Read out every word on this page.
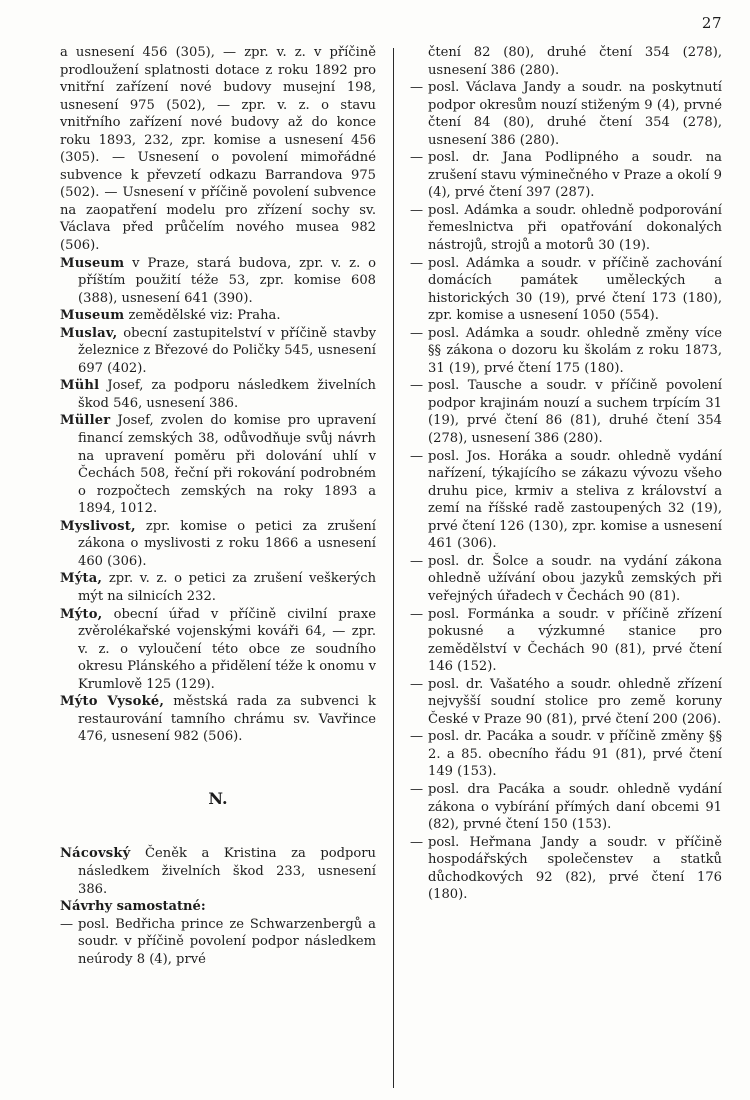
27

a usnesení 456 (305), — zpr. v. z. v příčině prodloužení splatnosti dotace z roku 1892 pro vnitřní zařízení nové budovy musejní 198, usnesení 975 (502), — zpr. v. z. o stavu vnitřního zařízení nové budovy až do konce roku 1893, 232, zpr. komise a usnesení 456 (305). — Usnesení o povolení mimořádné subvence k převzetí odkazu Barrandova 975 (502). — Usnesení v příčině povolení subvence na zaopatření modelu pro zřízení sochy sv. Václava před průčelím nového musea 982 (506).

Museum v Praze, stará budova, zpr. v. z. o příštím použití téže 53, zpr. komise 608 (388), usnesení 641 (390).

Museum zemědělské viz: Praha.

Muslav, obecní zastupitelství v příčině stavby železnice z Březové do Poličky 545, usnesení 697 (402).

Mühl Josef, za podporu následkem živelních škod 546, usnesení 386.

Müller Josef, zvolen do komise pro upravení financí zemských 38, odůvodňuje svůj návrh na upravení poměru při dolování uhlí v Čechách 508, řeční při rokování podrobném o rozpočtech zemských na roky 1893 a 1894, 1012.

Myslivost, zpr. komise o petici za zrušení zákona o myslivosti z roku 1866 a usnesení 460 (306).

Mýta, zpr. v. z. o petici za zrušení veškerých mýt na silnicích 232.

Mýto, obecní úřad v příčině civilní praxe zvěrolékařské vojenskými kováři 64, — zpr. v. z. o vyloučení této obce ze soudního okresu Plánského a přidělení téže k onomu v Krumlově 125 (129).

Mýto Vysoké, městská rada za subvenci k restaurování tamního chrámu sv. Vavřince 476, usnesení 982 (506).

N.

Nácovský Čeněk a Kristina za podporu následkem živelních škod 233, usnesení 386.

Návrhy samostatné:

— posl. Bedřicha prince ze Schwarzenbergů a soudr. v příčině povolení podpor následkem neúrody 8 (4), prvé

čtení 82 (80), druhé čtení 354 (278), usnesení 386 (280).

— posl. Václava Jandy a soudr. na poskytnutí podpor okresům nouzí stiženým 9 (4), prvné čtení 84 (80), druhé čtení 354 (278), usnesení 386 (280).

— posl. dr. Jana Podlipného a soudr. na zrušení stavu výminečného v Praze a okolí 9 (4), prvé čtení 397 (287).

— posl. Adámka a soudr. ohledně podporování řemeslnictva při opatřování dokonalých nástrojů, strojů a motorů 30 (19).

— posl. Adámka a soudr. v příčině zachování domácích památek uměleckých a historických 30 (19), prvé čtení 173 (180), zpr. komise a usnesení 1050 (554).

— posl. Adámka a soudr. ohledně změny více §§ zákona o dozoru ku školám z roku 1873, 31 (19), prvé čtení 175 (180).

— posl. Tausche a soudr. v příčině povolení podpor krajinám nouzí a suchem trpícím 31 (19), prvé čtení 86 (81), druhé čtení 354 (278), usnesení 386 (280).

— posl. Jos. Horáka a soudr. ohledně vydání nařízení, týkajícího se zákazu vývozu všeho druhu pice, krmiv a steliva z království a zemí na říšské radě zastoupených 32 (19), prvé čtení 126 (130), zpr. komise a usnesení 461 (306).

— posl. dr. Šolce a soudr. na vydání zákona ohledně užívání obou jazyků zemských při veřejných úřadech v Čechách 90 (81).

— posl. Formánka a soudr. v příčině zřízení pokusné a výzkumné stanice pro zemědělství v Čechách 90 (81), prvé čtení 146 (152).

— posl. dr. Vašatého a soudr. ohledně zřízení nejvyšší soudní stolice pro země koruny České v Praze 90 (81), prvé čtení 200 (206).

— posl. dr. Pacáka a soudr. v příčině změny §§ 2. a 85. obecního řádu 91 (81), prvé čtení 149 (153).

— posl. dra Pacáka a soudr. ohledně vydání zákona o vybírání přímých daní obcemi 91 (82), prvné čtení 150 (153).

— posl. Heřmana Jandy a soudr. v příčině hospodářských společenstev a statků důchodkových 92 (82), prvé čtení 176 (180).
